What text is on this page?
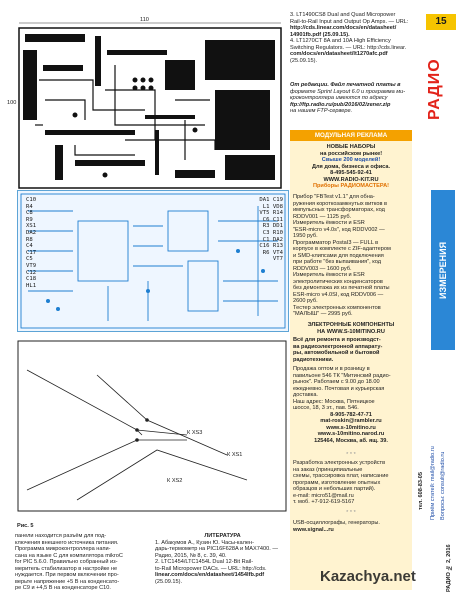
110
100
C10
R4
C8
R9
XS1
DA2
R8
C4
C17
C5
VT9
C12
C18
HL1
DA1 C19
L1 VD8
VT5 R14
C6 C11
R3 DD1
C3 R10
C1 DA2
C16 R13
R6 VT4
VT7
К XS3
К XS1
К XS2
Рис. 5
панели находится разъём для под-
ключения внешнего источника питания.
Программа микроконтроллера напи-
сана на языке С для компилятора mikroC
for PIC 5.6.0. Правильно собранный из-
меритель стабилизатор в настройке не
нуждается. При первом включении про-
верьте напряжение +5 В на конденсато-
ре С9 и +4,5 В на конденсаторе С10.
ЛИТЕРАТУРА
1. Абакумов А., Кузин Ю. Часы-кален-
дарь-термометр на PIC16F628A и MAX7400. —
Радио, 2015, № 8, с. 39, 40.
2. LTC1454/LTC1454L Dual 12-Bit Rail-
to-Rail Micropower DACs. — URL: http://cds.
linear.com/docs/en/datasheet/1454lfb.pdf
(25.09.15).
3. LT1490CS8 Dual and Quad Micropower
Rail-to-Rail Input and Output Op Amps. — URL:
http://cds.linear.com/docs/en/datasheet/
14901fb.pdf (25.09.15).
4. LT1270CT 8A and 10A High Efficiency
Switching Regulators. — URL: http://cds.linear.
com/docs/en/datasheet/lt1270afc.pdf
(25.09.15).
От редакции. Файл печатной платы в
формате Sprint Layout 6.0 и программа ми-
кроконтроллера имеются по адресу
ftp://ftp.radio.ru/pub/2016/02/zener.zip
на нашем FTP-сервере.
МОДУЛЬНАЯ РЕКЛАМА
НОВЫЕ НАБОРЫ
на российском рынке!
Свыше 200 моделей!
Для дома, бизнеса и офиса.
8-495-545-92-41
WWW.RADIO-KIT.RU
Приборы РАДИОМАСТЕРА!
Прибор "FBTest v1.1" для обна-
ружения короткозамкнутых витков в
импульсных трансформаторах, код
RDDV001 — 1125 руб.
Измеритель ёмкости и ESR
"ESR-micro v4.0s", код RDDV002 —
1950 руб.
Программатор PostaI3 — FULL в
корпусе в комплекте с ZIF-адаптером
и SMD-клипсами для подключения
при работе "без выпаивания", код
RDDV003 — 1600 руб.
Измеритель ёмкости и ESR
электролитических конденсаторов
без демонтажа их из печатной платы
ESR-micro v4.0SI, код RDDV006 —
2600 руб.
Тестер электронных компонентов
"МАЛЫШ" — 2995 руб.
ЭЛЕКТРОННЫЕ КОМПОНЕНТЫ
НА WWW.S-10MITINO.RU
Всё для ремонта и производст-
ва радиоэлектронной аппарату-
ры, автомобильной и бытовой
радиотехники.
Продажа оптом и в розницу в
павильоне 546 ТК "Митинский радио-
рынок". Работаем с 9.00 до 18.00
ежедневно. Почтовая и курьерская
доставка.
Наш адрес: Москва, Пятницкое
шоссе, 18, 3 эт., пав. 546.
8-905-782-47-71
mat-roskin@rambler.ru
www.s-10mitino.ru
www.s-10mitino.narod.ru
125464, Москва, аб. ящ. 39.
* * *
Разработка электронных устройств
на заказ (принципиальные
схемы, трассировка плат, написание
программ, изготовление опытных
образцов и небольших партий).
e-mail: micro51@mail.ru
т. моб. +7-912-619-5167
* * *
USB-осциллографы, генераторы.
www.signal...ru
15
РАДИО
ИЗМЕРЕНИЯ
тел. 608-83-05 Приём статей: mail@radio.ru Вопросы: consult@radio.ru
РАДИО № 2, 2016
Kazachya.net
